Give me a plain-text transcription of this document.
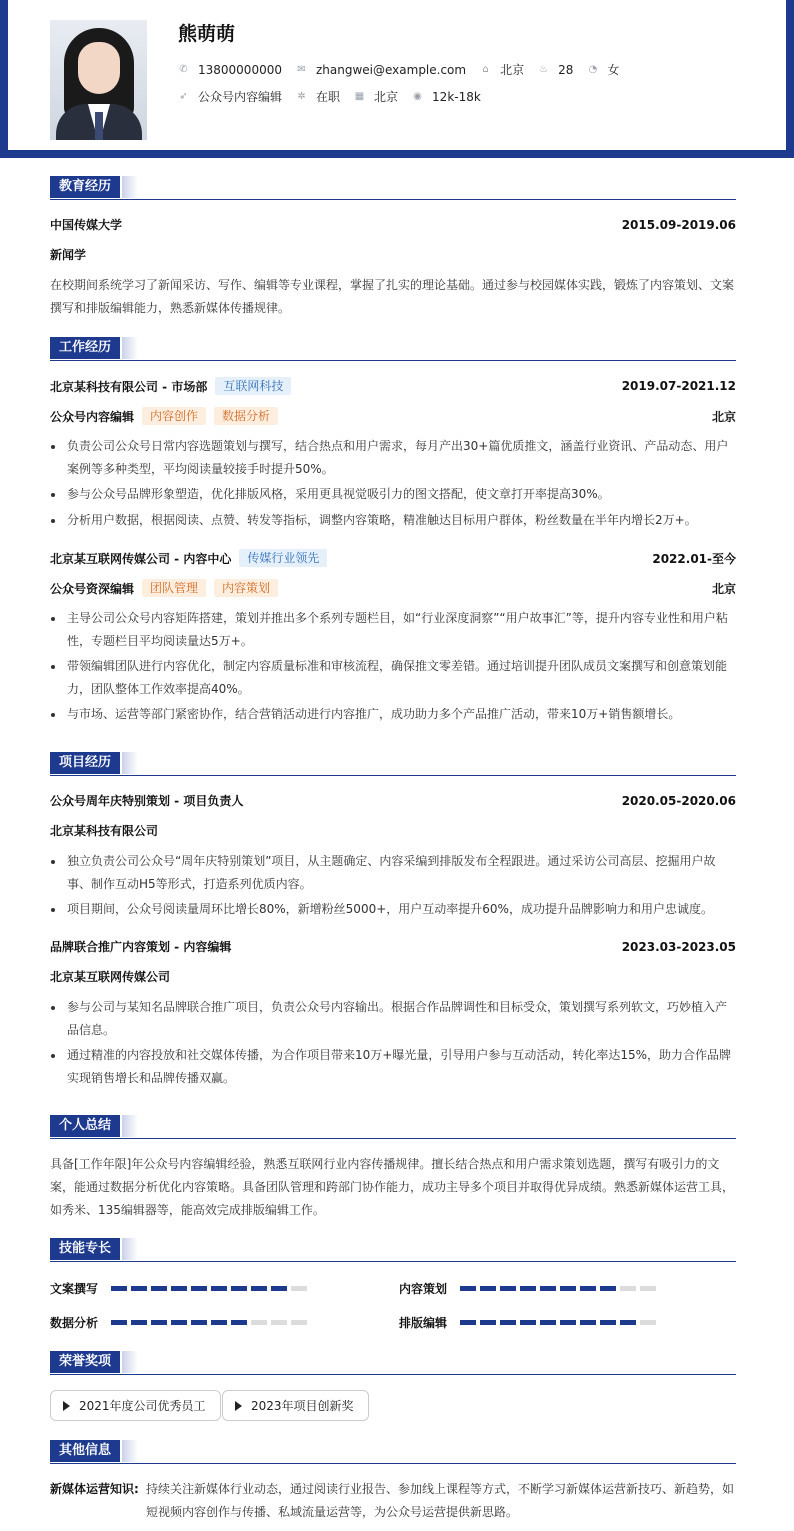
熊萌萌
✆ 13800000000 ✉ zhangwei@example.com ⌂ 北京 ♨ 28 ◔ 女
➶ 公众号内容编辑 ✲ 在职 ▦ 北京 ◉ 12k-18k
教育经历
中国传媒大学	2015.09-2019.06
新闻学
在校期间系统学习了新闻采访、写作、编辑等专业课程，掌握了扎实的理论基础。通过参与校园媒体实践，锻炼了内容策划、文案撰写和排版编辑能力，熟悉新媒体传播规律。
工作经历
北京某科技有限公司 - 市场部	互联网科技	2019.07-2021.12
公众号内容编辑	内容创作	数据分析	北京
负责公司公众号日常内容选题策划与撰写，结合热点和用户需求，每月产出30+篇优质推文，涵盖行业资讯、产品动态、用户案例等多种类型，平均阅读量较接手时提升50%。
参与公众号品牌形象塑造，优化排版风格，采用更具视觉吸引力的图文搭配，使文章打开率提高30%。
分析用户数据，根据阅读、点赞、转发等指标，调整内容策略，精准触达目标用户群体，粉丝数量在半年内增长2万+。
北京某互联网传媒公司 - 内容中心	传媒行业领先	2022.01-至今
公众号资深编辑	团队管理	内容策划	北京
主导公司公众号内容矩阵搭建，策划并推出多个系列专题栏目，如“行业深度洞察”“用户故事汇”等，提升内容专业性和用户粘性，专题栏目平均阅读量达5万+。
带领编辑团队进行内容优化，制定内容质量标准和审核流程，确保推文零差错。通过培训提升团队成员文案撰写和创意策划能力，团队整体工作效率提高40%。
与市场、运营等部门紧密协作，结合营销活动进行内容推广，成功助力多个产品推广活动，带来10万+销售额增长。
项目经历
公众号周年庆特别策划 - 项目负责人	2020.05-2020.06
北京某科技有限公司
独立负责公司公众号“周年庆特别策划”项目，从主题确定、内容采编到排版发布全程跟进。通过采访公司高层、挖掘用户故事、制作互动H5等形式，打造系列优质内容。
项目期间，公众号阅读量周环比增长80%，新增粉丝5000+，用户互动率提升60%，成功提升品牌影响力和用户忠诚度。
品牌联合推广内容策划 - 内容编辑	2023.03-2023.05
北京某互联网传媒公司
参与公司与某知名品牌联合推广项目，负责公众号内容输出。根据合作品牌调性和目标受众，策划撰写系列软文，巧妙植入产品信息。
通过精准的内容投放和社交媒体传播，为合作项目带来10万+曝光量，引导用户参与互动活动，转化率达15%，助力合作品牌实现销售增长和品牌传播双赢。
个人总结
具备[工作年限]年公众号内容编辑经验，熟悉互联网行业内容传播规律。擅长结合热点和用户需求策划选题，撰写有吸引力的文案，能通过数据分析优化内容策略。具备团队管理和跨部门协作能力，成功主导多个项目并取得优异成绩。熟悉新媒体运营工具，如秀米、135编辑器等，能高效完成排版编辑工作。
技能专长
文案撰写	内容策划
数据分析	排版编辑
荣誉奖项
2021年度公司优秀员工	2023年项目创新奖
其他信息
新媒体运营知识: 持续关注新媒体行业动态，通过阅读行业报告、参加线上课程等方式，不断学习新媒体运营新技巧、新趋势，如短视频内容创作与传播、私域流量运营等，为公众号运营提供新思路。
